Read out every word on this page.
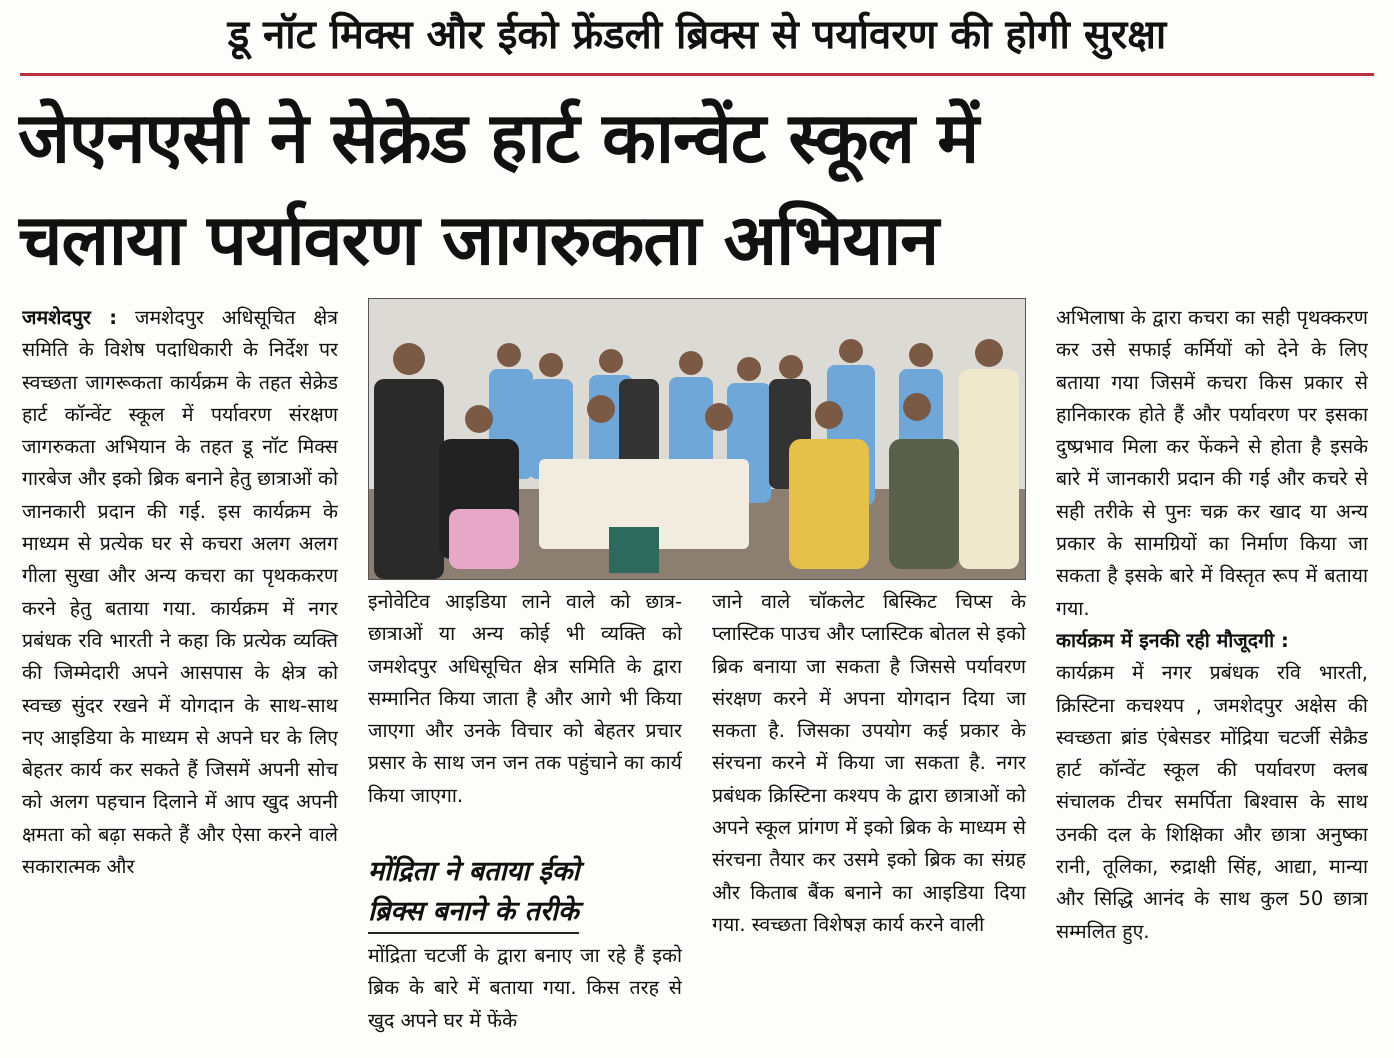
डू नॉट मिक्स और ईको फ्रेंडली ब्रिक्स से पर्यावरण की होगी सुरक्षा
जेएनएसी ने सेक्रेड हार्ट कान्वेंट स्कूल में
चलाया पर्यावरण जागरुकता अभियान

जमशेदपुर : जमशेदपुर अधिसूचित क्षेत्र समिति के विशेष पदाधिकारी के निर्देश पर स्वच्छता जागरूकता कार्यक्रम के तहत सेक्रेड हार्ट कॉन्वेंट स्कूल में पर्यावरण संरक्षण जागरुकता अभियान के तहत डू नॉट मिक्स गारबेज और इको ब्रिक बनाने हेतु छात्राओं को जानकारी प्रदान की गई. इस कार्यक्रम के माध्यम से प्रत्येक घर से कचरा अलग अलग गीला सुखा और अन्य कचरा का पृथककरण करने हेतु बताया गया. कार्यक्रम में नगर प्रबंधक रवि भारती ने कहा कि प्रत्येक व्यक्ति की जिम्मेदारी अपने आसपास के क्षेत्र को स्वच्छ सुंदर रखने में योगदान के साथ-साथ नए आइडिया के माध्यम से अपने घर के लिए बेहतर कार्य कर सकते हैं जिसमें अपनी सोच को अलग पहचान दिलाने में आप खुद अपनी क्षमता को बढ़ा सकते हैं और ऐसा करने वाले सकारात्मक और

इनोवेटिव आइडिया लाने वाले को छात्र-छात्राओं या अन्य कोई भी व्यक्ति को जमशेदपुर अधिसूचित क्षेत्र समिति के द्वारा सम्मानित किया जाता है और आगे भी किया जाएगा और उनके विचार को बेहतर प्रचार प्रसार के साथ जन जन तक पहुंचाने का कार्य किया जाएगा.

मोंद्रिता ने बताया ईको
ब्रिक्स बनाने के तरीके

मोंद्रिता चटर्जी के द्वारा बनाए जा रहे हैं इको ब्रिक के बारे में बताया गया. किस तरह से खुद अपने घर में फेंके

जाने वाले चॉकलेट बिस्किट चिप्स के प्लास्टिक पाउच और प्लास्टिक बोतल से इको ब्रिक बनाया जा सकता है जिससे पर्यावरण संरक्षण करने में अपना योगदान दिया जा सकता है. जिसका उपयोग कई प्रकार के संरचना करने में किया जा सकता है. नगर प्रबंधक क्रिस्टिना कश्यप के द्वारा छात्राओं को अपने स्कूल प्रांगण में इको ब्रिक के माध्यम से संरचना तैयार कर उसमे इको ब्रिक का संग्रह और किताब बैंक बनाने का आइडिया दिया गया. स्वच्छता विशेषज्ञ कार्य करने वाली

अभिलाषा के द्वारा कचरा का सही पृथक्करण कर उसे सफाई कर्मियों को देने के लिए बताया गया जिसमें कचरा किस प्रकार से हानिकारक होते हैं और पर्यावरण पर इसका दुष्प्रभाव मिला कर फेंकने से होता है इसके बारे में जानकारी प्रदान की गई और कचरे से सही तरीके से पुनः चक्र कर खाद या अन्य प्रकार के सामग्रियों का निर्माण किया जा सकता है इसके बारे में विस्तृत रूप में बताया गया.

कार्यक्रम में इनकी रही मौजूदगी :

कार्यक्रम में नगर प्रबंधक रवि भारती, क्रिस्टिना कचश्यप , जमशेदपुर अक्षेस की स्वच्छता ब्रांड एंबेसडर मोंद्रिया चटर्जी सेक्रैड हार्ट कॉन्वेंट स्कूल की पर्यावरण क्लब संचालक टीचर समर्पिता बिश्वास के साथ उनकी दल के शिक्षिका और छात्रा अनुष्का रानी, तूलिका, रुद्राक्षी सिंह, आद्या, मान्या और सिद्धि आनंद के साथ कुल 50 छात्रा सम्मलित हुए.
